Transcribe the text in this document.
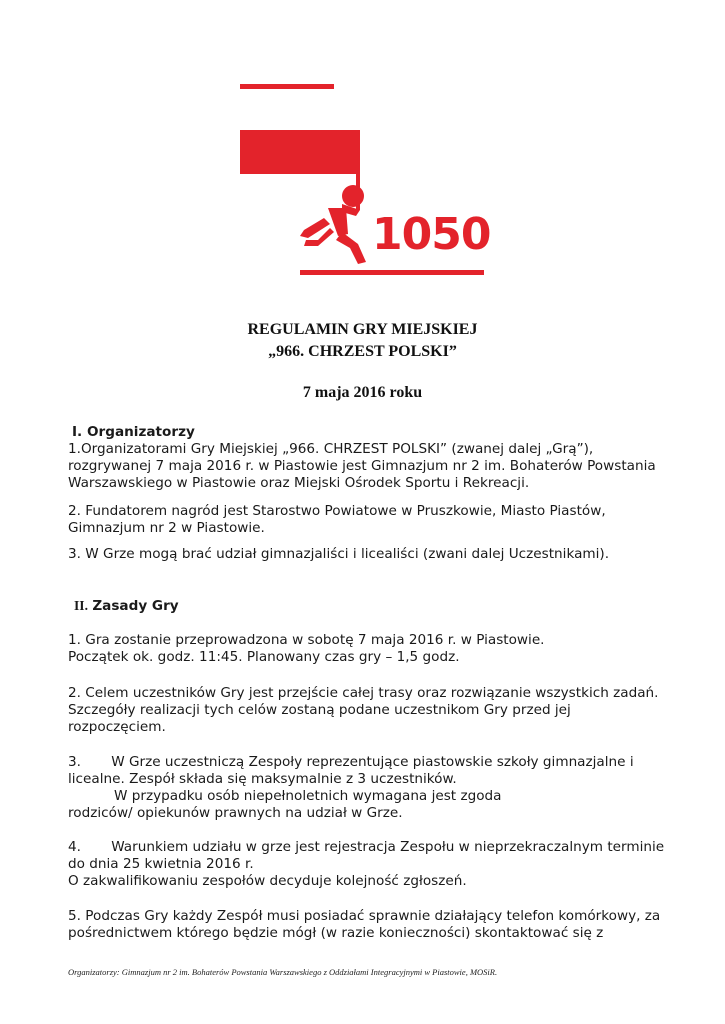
1050
REGULAMIN GRY MIEJSKIEJ
„966. CHRZEST POLSKI”
7 maja 2016 roku
I. Organizatorzy
1.Organizatorami Gry Miejskiej „966. CHRZEST POLSKI” (zwanej dalej „Grą”), rozgrywanej 7 maja 2016 r. w Piastowie jest Gimnazjum nr 2 im. Bohaterów Powstania Warszawskiego w Piastowie oraz Miejski Ośrodek Sportu i Rekreacji.
2. Fundatorem nagród jest Starostwo Powiatowe w Pruszkowie, Miasto Piastów, Gimnazjum nr 2 w Piastowie.
3. W Grze mogą brać udział gimnazjaliści i licealiści (zwani dalej Uczestnikami).
II. Zasady Gry
1. Gra zostanie przeprowadzona w sobotę 7 maja 2016 r. w Piastowie.
Początek ok. godz. 11:45. Planowany czas gry – 1,5 godz.
2. Celem uczestników Gry jest przejście całej trasy oraz rozwiązanie wszystkich zadań. Szczegóły realizacji tych celów zostaną podane uczestnikom Gry przed jej rozpoczęciem.
3.       W Grze uczestniczą Zespoły reprezentujące piastowskie szkoły gimnazjalne i licealne. Zespół składa się maksymalnie z 3 uczestników.
W przypadku osób niepełnoletnich wymagana jest zgoda
rodziców/ opiekunów prawnych na udział w Grze.
4.       Warunkiem udziału w grze jest rejestracja Zespołu w nieprzekraczalnym terminie do dnia 25 kwietnia 2016 r.
O zakwalifikowaniu zespołów decyduje kolejność zgłoszeń.
5. Podczas Gry każdy Zespół musi posiadać sprawnie działający telefon komórkowy, za pośrednictwem którego będzie mógł (w razie konieczności) skontaktować się z
Organizatorzy: Gimnazjum nr 2 im. Bohaterów Powstania Warszawskiego z Oddziałami Integracyjnymi w Piastowie, MOSiR.
